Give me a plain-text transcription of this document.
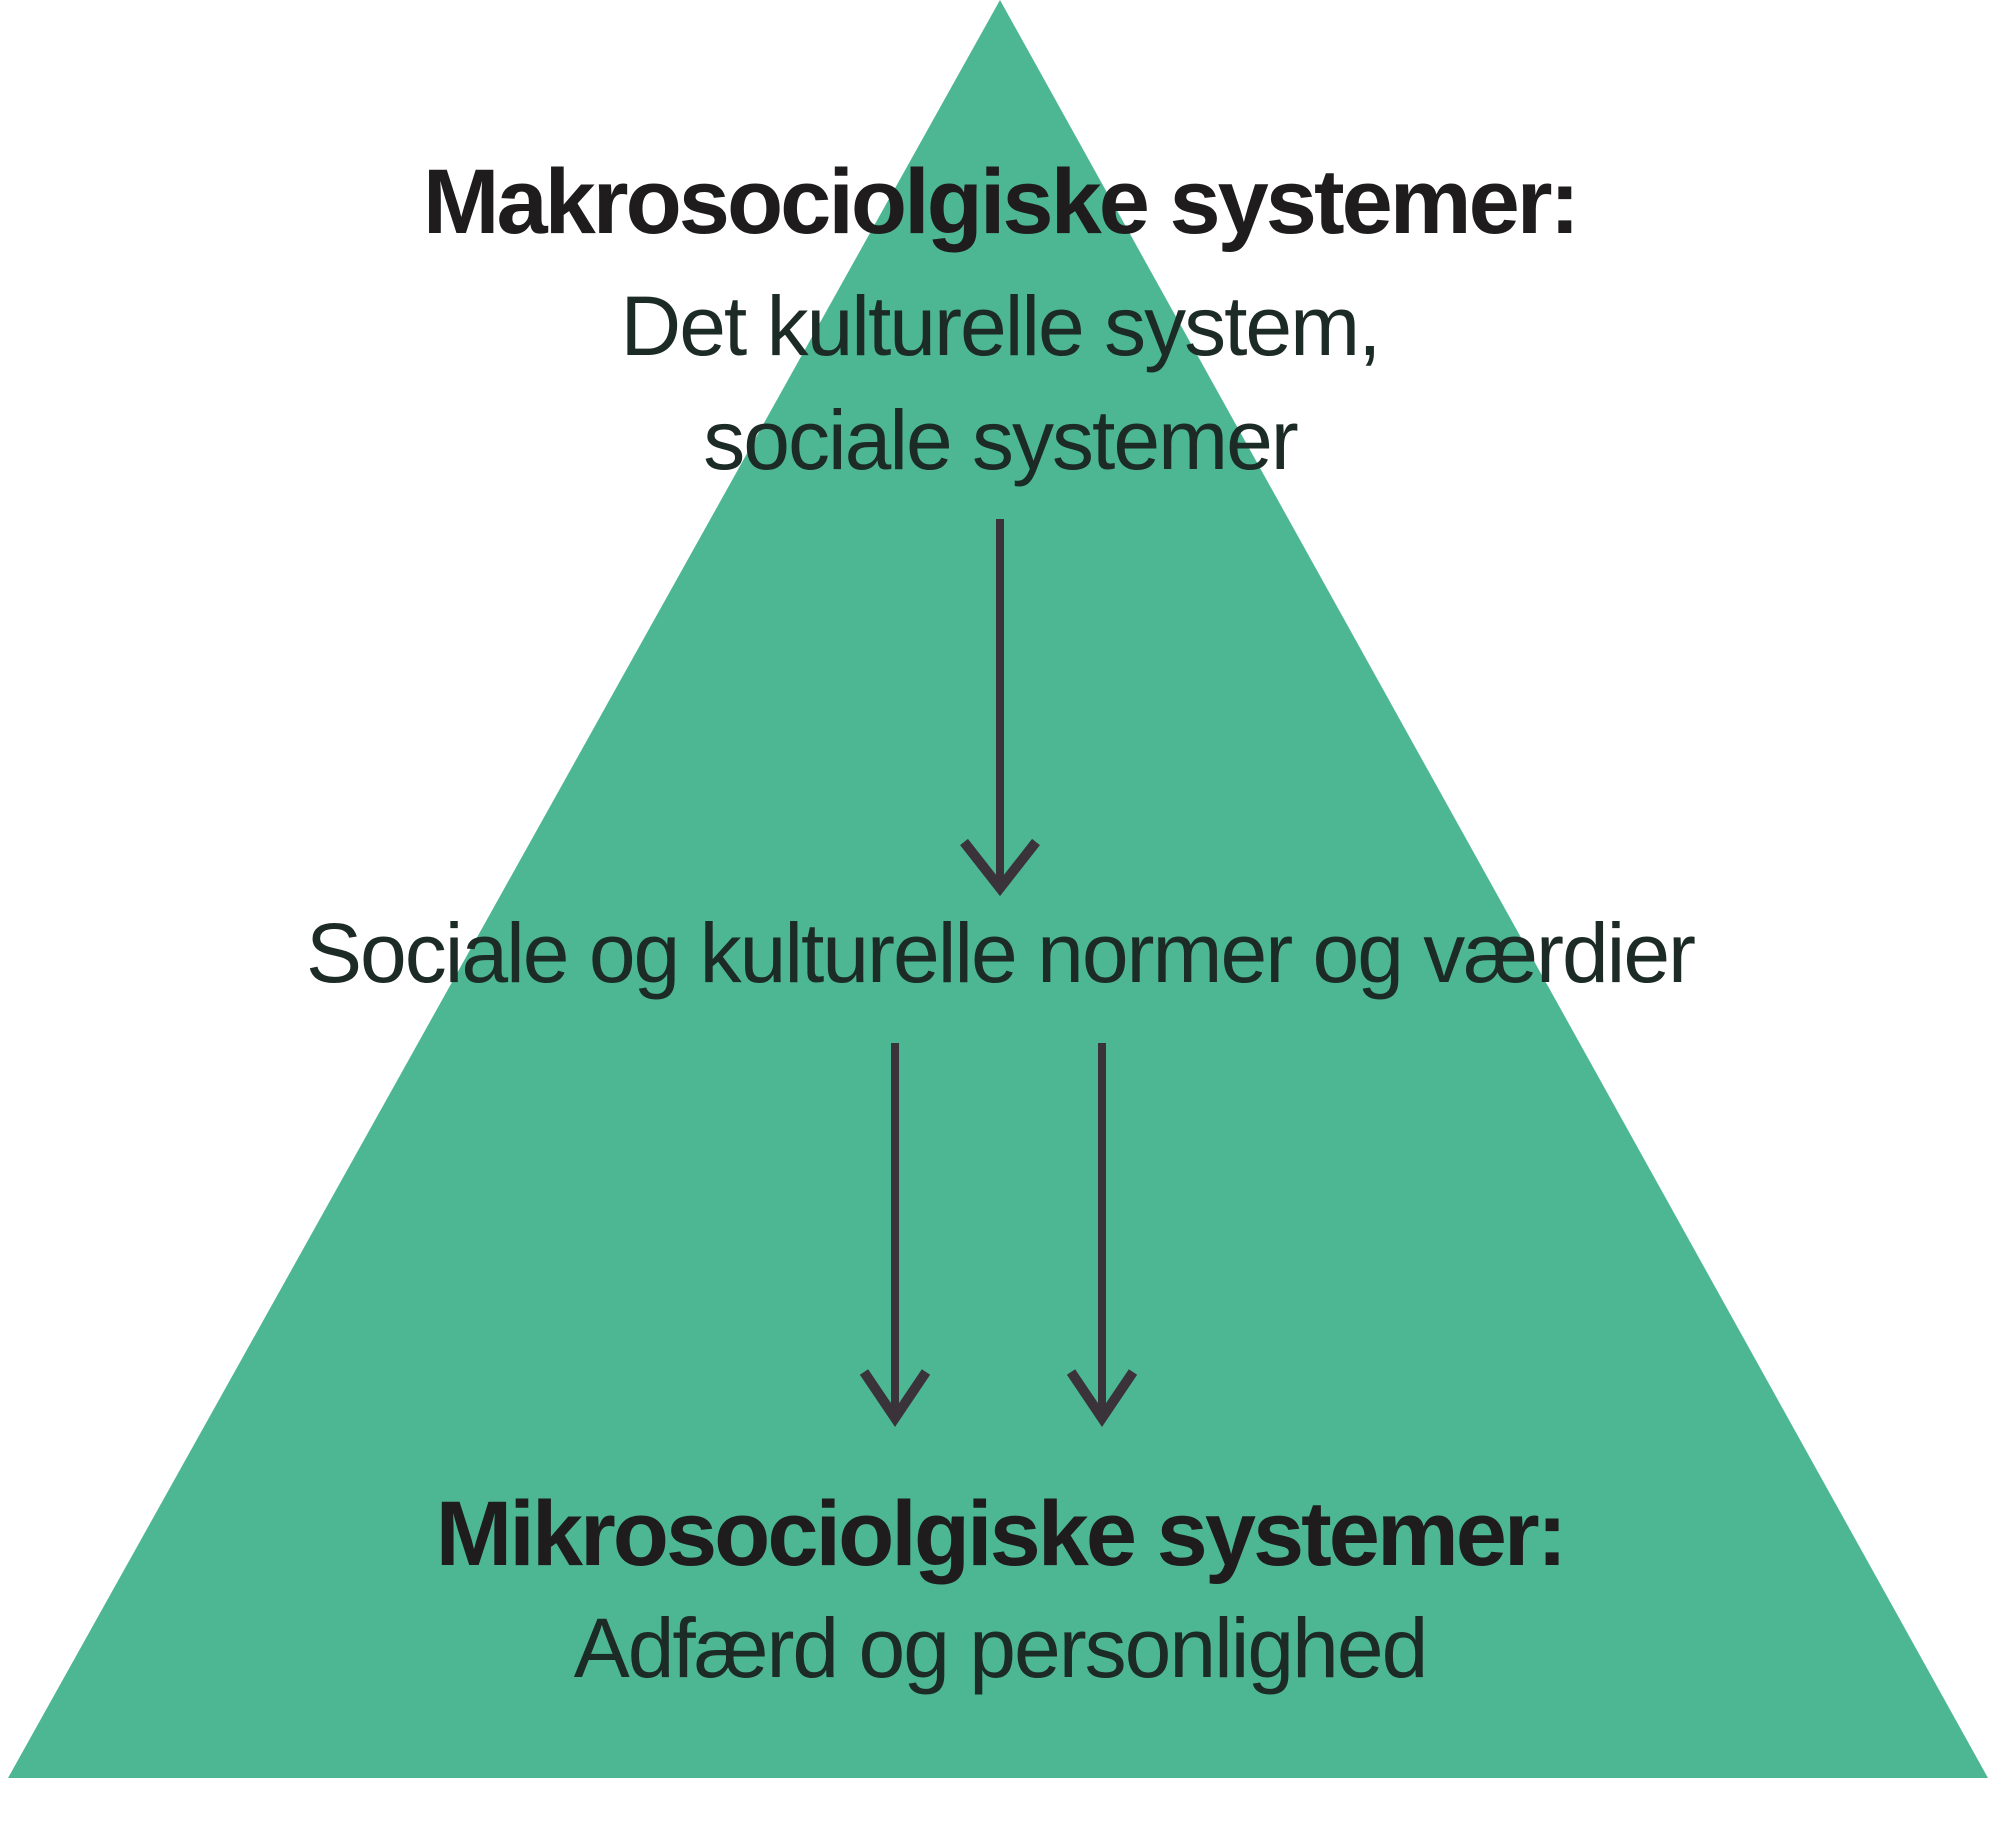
Makrosociolgiske systemer:
Det kulturelle system,
sociale systemer
Sociale og kulturelle normer og værdier
Mikrosociolgiske systemer:
Adfærd og personlighed
